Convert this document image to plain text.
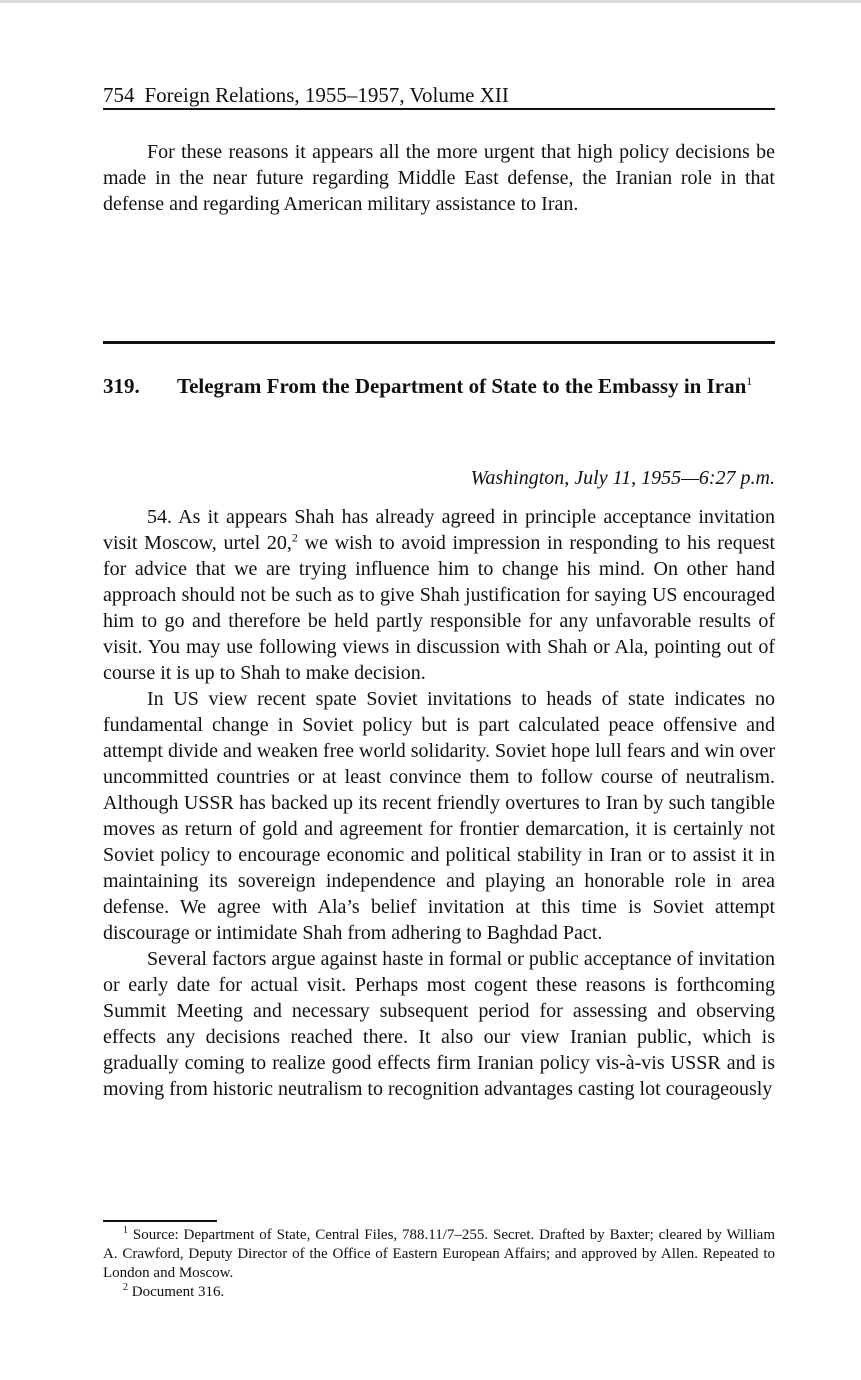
754 Foreign Relations, 1955–1957, Volume XII

For these reasons it appears all the more urgent that high policy decisions be made in the near future regarding Middle East defense, the Iranian role in that defense and regarding American military assistance to Iran.

319. Telegram From the Department of State to the Embassy in Iran$^1$
Washington, July 11, 1955—6:27 p.m.

54. As it appears Shah has already agreed in principle acceptance invitation visit Moscow, urtel 20,$^2$ we wish to avoid impression in responding to his request for advice that we are trying influence him to change his mind. On other hand approach should not be such as to give Shah justification for saying US encouraged him to go and therefore be held partly responsible for any unfavorable results of visit. You may use following views in discussion with Shah or Ala, pointing out of course it is up to Shah to make decision.

In US view recent spate Soviet invitations to heads of state indicates no fundamental change in Soviet policy but is part calculated peace offensive and attempt divide and weaken free world solidarity. Soviet hope lull fears and win over uncommitted countries or at least convince them to follow course of neutralism. Although USSR has backed up its recent friendly overtures to Iran by such tangible moves as return of gold and agreement for frontier demarcation, it is certainly not Soviet policy to encourage economic and political stability in Iran or to assist it in maintaining its sovereign independence and playing an honorable role in area defense. We agree with Ala’s belief invitation at this time is Soviet attempt discourage or intimidate Shah from adhering to Baghdad Pact.

Several factors argue against haste in formal or public acceptance of invitation or early date for actual visit. Perhaps most cogent these reasons is forthcoming Summit Meeting and necessary subsequent period for assessing and observing effects any decisions reached there. It also our view Iranian public, which is gradually coming to realize good effects firm Iranian policy vis-à-vis USSR and is moving from historic neutralism to recognition advantages casting lot courageously

$^1$ Source: Department of State, Central Files, 788.11/7–255. Secret. Drafted by Baxter; cleared by William A. Crawford, Deputy Director of the Office of Eastern European Affairs; and approved by Allen. Repeated to London and Moscow.

$^2$ Document 316.
